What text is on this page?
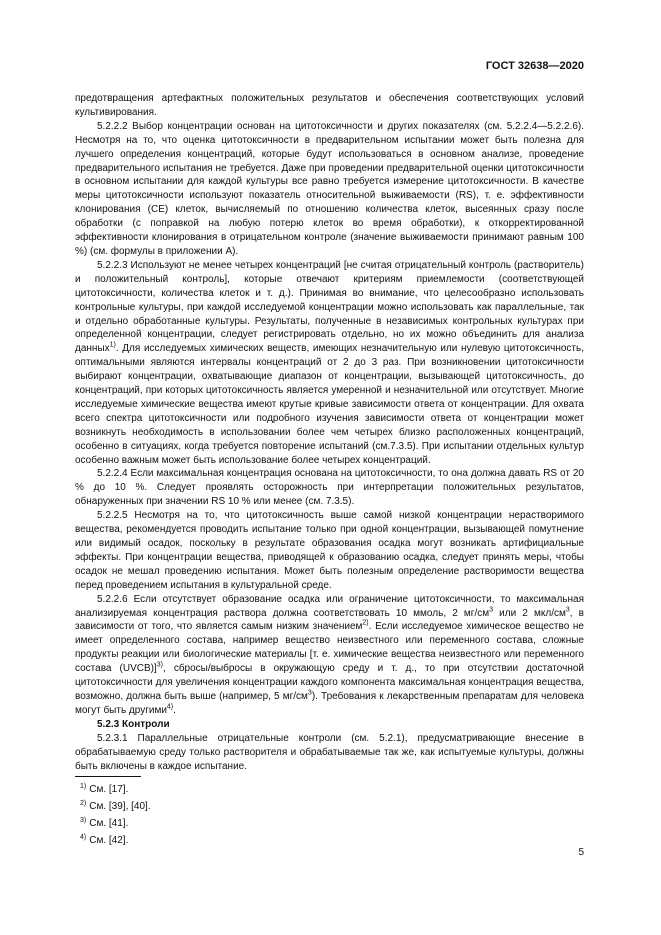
ГОСТ 32638—2020

предотвращения артефактных положительных результатов и обеспечения соответствующих условий культивирования.

5.2.2.2 Выбор концентрации основан на цитотоксичности и других показателях (см. 5.2.2.4—5.2.2.6). Несмотря на то, что оценка цитотоксичности в предварительном испытании может быть полезна для лучшего определения концентраций, которые будут использоваться в основном анализе, проведение предварительного испытания не требуется. Даже при проведении предварительной оценки цитотоксичности в основном испытании для каждой культуры все равно требуется измерение цитотоксичности. В качестве меры цитотоксичности используют показатель относительной выживаемости (RS), т. е. эффективности клонирования (СЕ) клеток, вычисляемый по отношению количества клеток, высеянных сразу после обработки (с поправкой на любую потерю клеток во время обработки), к откорректированной эффективности клонирования в отрицательном контроле (значение выживаемости принимают равным 100 %) (см. формулы в приложении А).

5.2.2.3 Используют не менее четырех концентраций [не считая отрицательный контроль (растворитель) и положительный контроль], которые отвечают критериям приемлемости (соответствующей цитотоксичности, количества клеток и т. д.). Принимая во внимание, что целесообразно использовать контрольные культуры, при каждой исследуемой концентрации можно использовать как параллельные, так и отдельно обработанные культуры. Результаты, полученные в независимых контрольных культурах при определенной концентрации, следует регистрировать отдельно, но их можно объединить для анализа данных$^{1)}$. Для исследуемых химических веществ, имеющих незначительную или нулевую цитотоксичность, оптимальными являются интервалы концентраций от 2 до 3 раз. При возникновении цитотоксичности выбирают концентрации, охватывающие диапазон от концентрации, вызывающей цитотоксичность, до концентраций, при которых цитотоксичность является умеренной и незначительной или отсутствует. Многие исследуемые химические вещества имеют крутые кривые зависимости ответа от концентрации. Для охвата всего спектра цитотоксичности или подробного изучения зависимости ответа от концентрации может возникнуть необходимость в использовании более чем четырех близко расположенных концентраций, особенно в ситуациях, когда требуется повторение испытаний (см.7.3.5). При испытании отдельных культур особенно важным может быть использование более четырех концентраций.

5.2.2.4 Если максимальная концентрация основана на цитотоксичности, то она должна давать RS от 20 % до 10 %. Следует проявлять осторожность при интерпретации положительных результатов, обнаруженных при значении RS 10 % или менее (см. 7.3.5).

5.2.2.5 Несмотря на то, что цитотоксичность выше самой низкой концентрации нерастворимого вещества, рекомендуется проводить испытание только при одной концентрации, вызывающей помутнение или видимый осадок, поскольку в результате образования осадка могут возникать артифициальные эффекты. При концентрации вещества, приводящей к образованию осадка, следует принять меры, чтобы осадок не мешал проведению испытания. Может быть полезным определение растворимости вещества перед проведением испытания в культуральной среде.

5.2.2.6 Если отсутствует образование осадка или ограничение цитотоксичности, то максимальная анализируемая концентрация раствора должна соответствовать 10 ммоль, 2 $мг/см^3$ или 2 мкл/$см^3$, в зависимости от того, что является самым низким значением$^{2)}$. Если исследуемое химическое вещество не имеет определенного состава, например вещество неизвестного или переменного состава, сложные продукты реакции или биологические материалы [т. е. химические вещества неизвестного или переменного состава (UVCB)]$^{3)}$, сбросы/выбросы в окружающую среду и т. д., то при отсутствии достаточной цитотоксичности для увеличения концентрации каждого компонента максимальная концентрация вещества, возможно, должна быть выше (например, 5 $мг/см^3$). Требования к лекарственным препаратам для человека могут быть другими$^{4)}$.

5.2.3 Контроли

5.2.3.1 Параллельные отрицательные контроли (см. 5.2.1), предусматривающие внесение в обрабатываемую среду только растворителя и обрабатываемые так же, как испытуемые культуры, должны быть включены в каждое испытание.

$^{1)}$ См. [17].

$^{2)}$ См. [39], [40].

$^{3)}$ См. [41].

$^{4)}$ См. [42].

5
